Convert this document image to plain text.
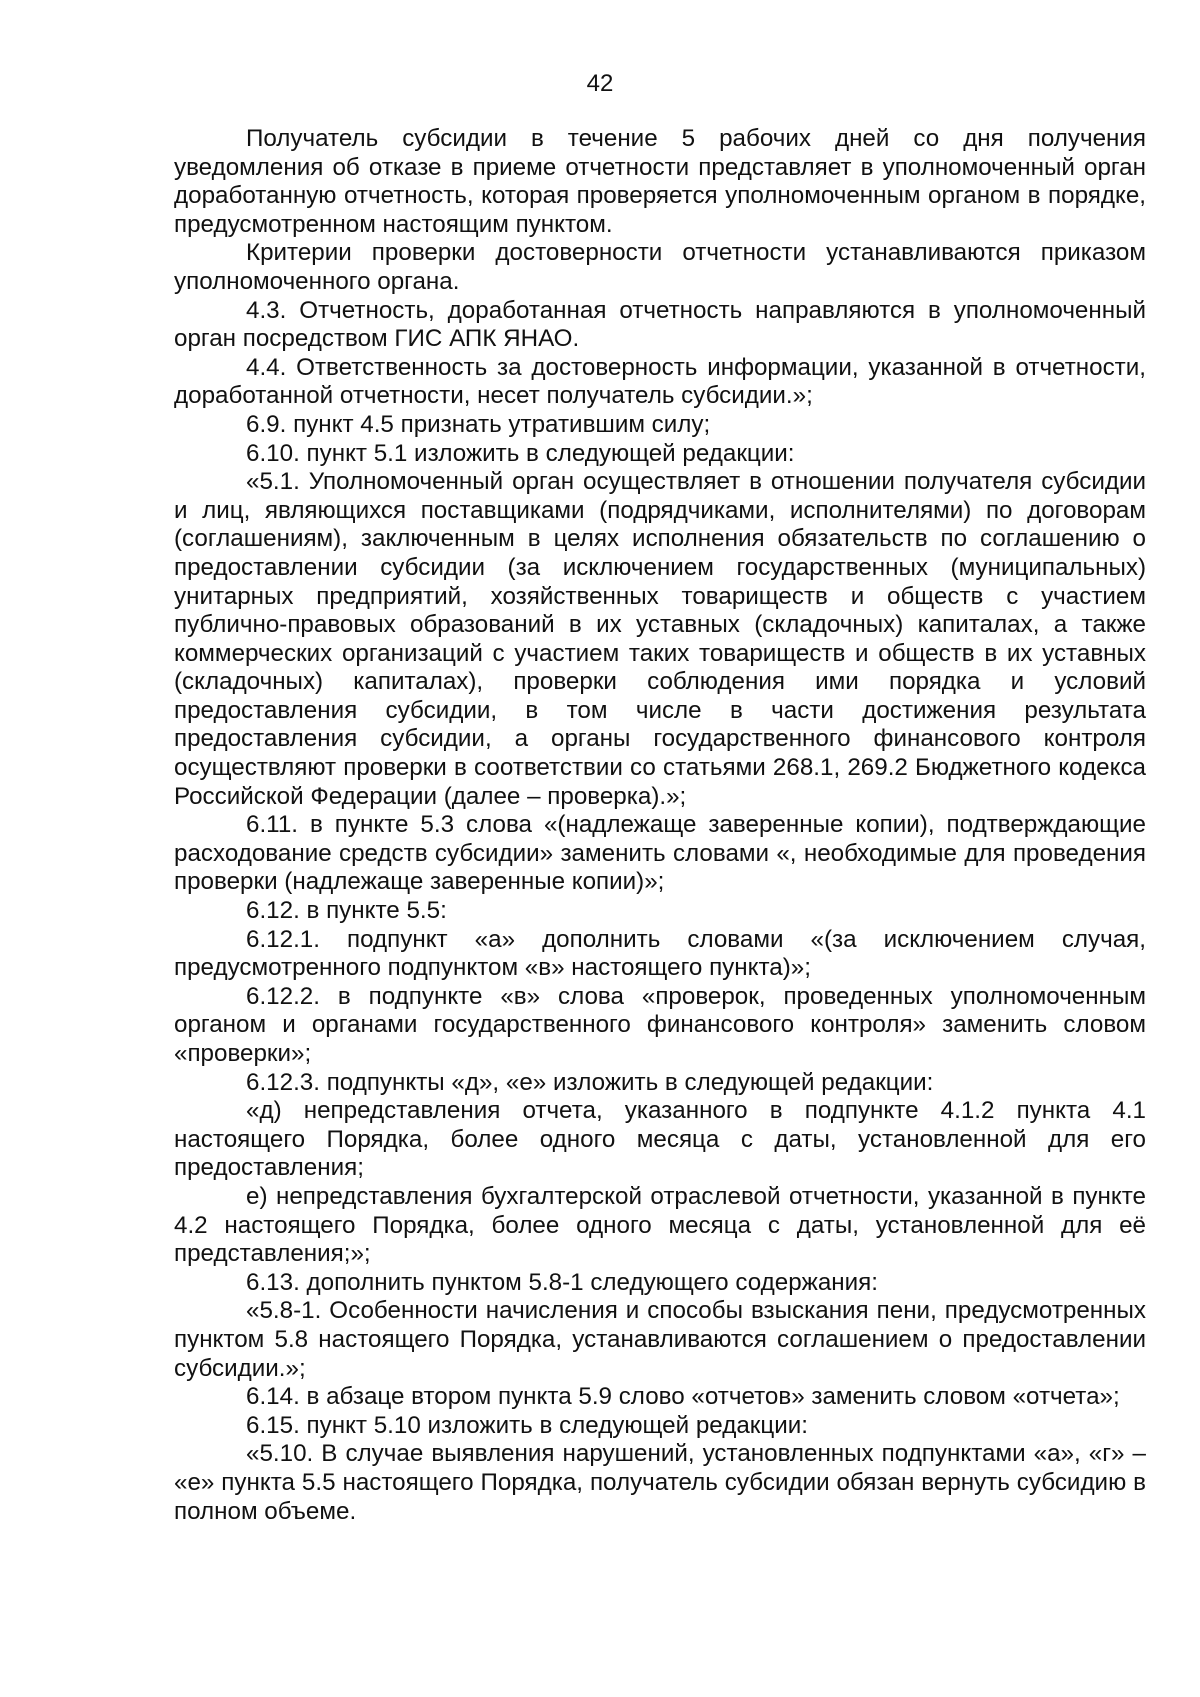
42

Получатель субсидии в течение 5 рабочих дней со дня получения уведомления об отказе в приеме отчетности представляет в уполномоченный орган доработанную отчетность, которая проверяется уполномоченным органом в порядке, предусмотренном настоящим пунктом.

Критерии проверки достоверности отчетности устанавливаются приказом уполномоченного органа.

4.3. Отчетность, доработанная отчетность направляются в уполномоченный орган посредством ГИС АПК ЯНАО.

4.4. Ответственность за достоверность информации, указанной в отчетности, доработанной отчетности, несет получатель субсидии.»;

6.9. пункт 4.5 признать утратившим силу;

6.10. пункт 5.1 изложить в следующей редакции:

«5.1. Уполномоченный орган осуществляет в отношении получателя субсидии и лиц, являющихся поставщиками (подрядчиками, исполнителями) по договорам (соглашениям), заключенным в целях исполнения обязательств по соглашению о предоставлении субсидии (за исключением государственных (муниципальных) унитарных предприятий, хозяйственных товариществ и обществ с участием публично-правовых образований в их уставных (складочных) капиталах, а также коммерческих организаций с участием таких товариществ и обществ в их уставных (складочных) капиталах), проверки соблюдения ими порядка и условий предоставления субсидии, в том числе в части достижения результата предоставления субсидии, а органы государственного финансового контроля осуществляют проверки в соответствии со статьями 268.1, 269.2 Бюджетного кодекса Российской Федерации (далее – проверка).»;

6.11. в пункте 5.3 слова «(надлежаще заверенные копии), подтверждающие расходование средств субсидии» заменить словами «, необходимые для проведения проверки (надлежаще заверенные копии)»;

6.12. в пункте 5.5:

6.12.1. подпункт «а» дополнить словами «(за исключением случая, предусмотренного подпунктом «в» настоящего пункта)»;

6.12.2. в подпункте «в» слова «проверок, проведенных уполномоченным органом и органами государственного финансового контроля» заменить словом «проверки»;

6.12.3. подпункты «д», «е» изложить в следующей редакции:

«д) непредставления отчета, указанного в подпункте 4.1.2 пункта 4.1 настоящего Порядка, более одного месяца с даты, установленной для его предоставления;

е) непредставления бухгалтерской отраслевой отчетности, указанной в пункте 4.2 настоящего Порядка, более одного месяца с даты, установленной для её представления;»;

6.13. дополнить пунктом 5.8-1 следующего содержания:

«5.8-1. Особенности начисления и способы взыскания пени, предусмотренных пунктом 5.8 настоящего Порядка, устанавливаются соглашением о предоставлении субсидии.»;

6.14. в абзаце втором пункта 5.9 слово «отчетов» заменить словом «отчета»;

6.15. пункт 5.10 изложить в следующей редакции:

«5.10. В случае выявления нарушений, установленных подпунктами «а», «г» – «е» пункта 5.5 настоящего Порядка, получатель субсидии обязан вернуть субсидию в полном объеме.
